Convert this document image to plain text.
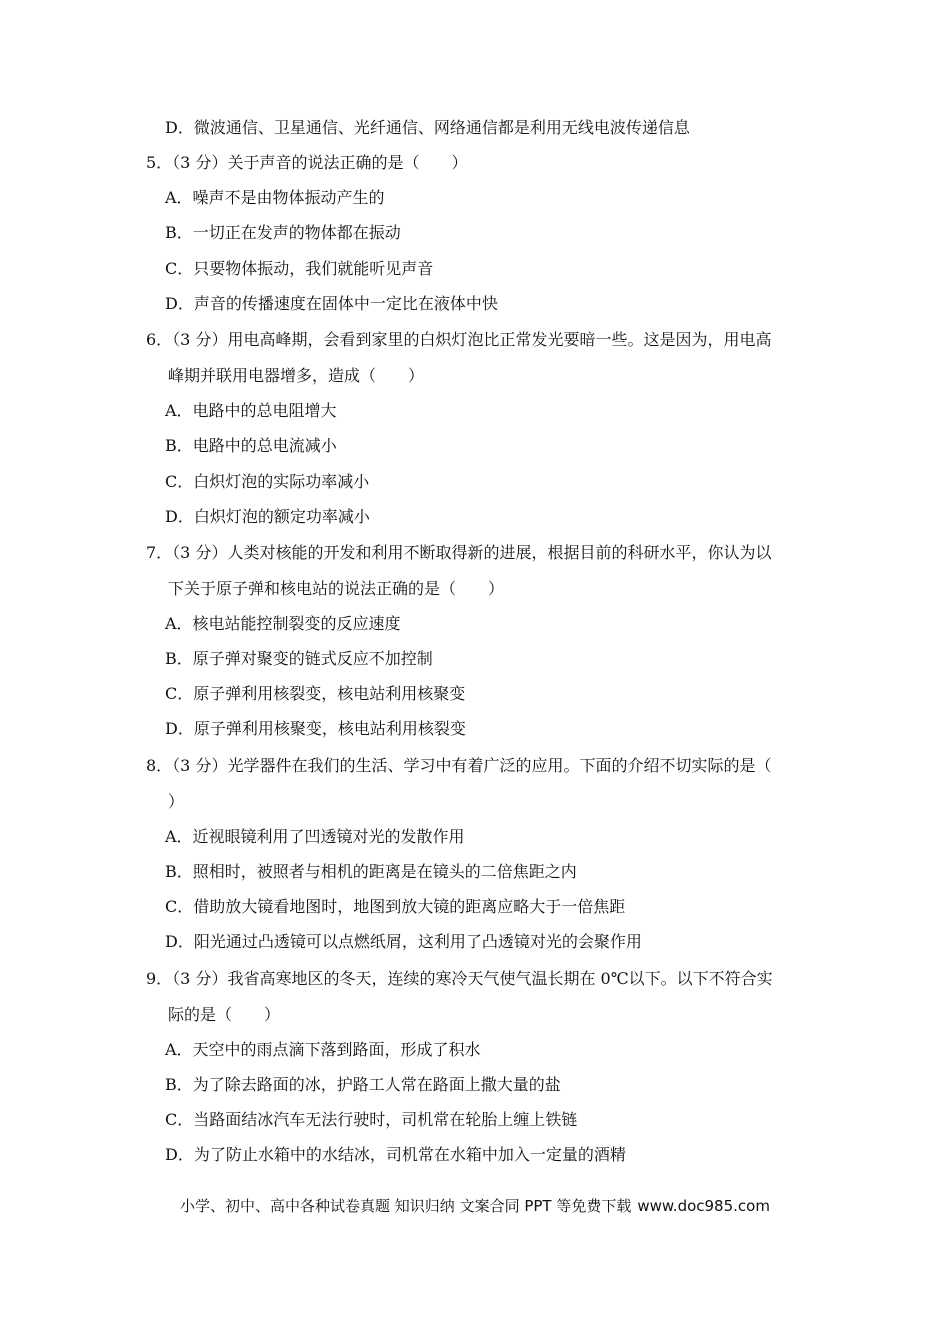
D．微波通信、卫星通信、光纤通信、网络通信都是利用无线电波传递信息
5．（3 分）关于声音的说法正确的是（　　）
A．噪声不是由物体振动产生的
B．一切正在发声的物体都在振动
C．只要物体振动，我们就能听见声音
D．声音的传播速度在固体中一定比在液体中快
6．（3 分）用电高峰期，会看到家里的白炽灯泡比正常发光要暗一些。这是因为，用电高
峰期并联用电器增多，造成（　　）
A．电路中的总电阻增大
B．电路中的总电流减小
C．白炽灯泡的实际功率减小
D．白炽灯泡的额定功率减小
7．（3 分）人类对核能的开发和利用不断取得新的进展，根据目前的科研水平，你认为以
下关于原子弹和核电站的说法正确的是（　　）
A．核电站能控制裂变的反应速度
B．原子弹对聚变的链式反应不加控制
C．原子弹利用核裂变，核电站利用核聚变
D．原子弹利用核聚变，核电站利用核裂变
8．（3 分）光学器件在我们的生活、学习中有着广泛的应用。下面的介绍不切实际的是（
）
A．近视眼镜利用了凹透镜对光的发散作用
B．照相时，被照者与相机的距离是在镜头的二倍焦距之内
C．借助放大镜看地图时，地图到放大镜的距离应略大于一倍焦距
D．阳光通过凸透镜可以点燃纸屑，这利用了凸透镜对光的会聚作用
9．（3 分）我省高寒地区的冬天，连续的寒冷天气使气温长期在 0℃以下。以下不符合实
际的是（　　）
A．天空中的雨点滴下落到路面，形成了积水
B．为了除去路面的冰，护路工人常在路面上撒大量的盐
C．当路面结冰汽车无法行驶时，司机常在轮胎上缠上铁链
D．为了防止水箱中的水结冰，司机常在水箱中加入一定量的酒精
小学、初中、高中各种试卷真题 知识归纳 文案合同 PPT 等免费下载 www.doc985.com
